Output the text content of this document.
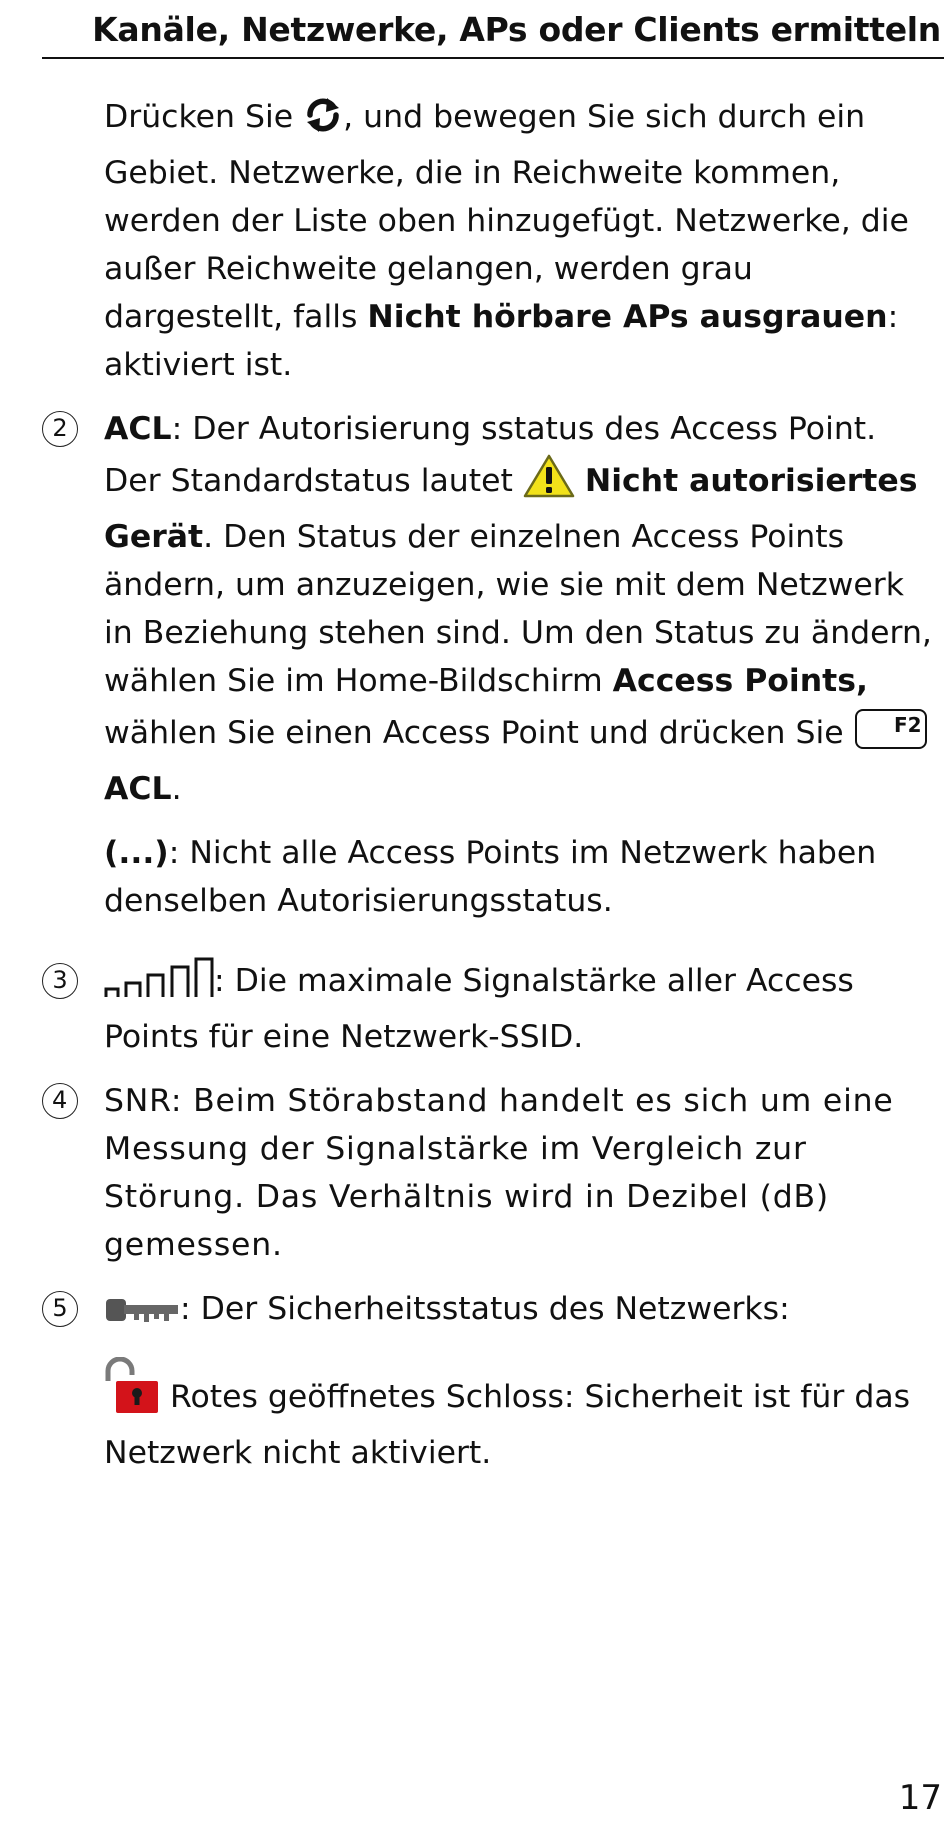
Kanäle, Netzwerke, APs oder Clients ermitteln

Drücken Sie , und bewegen Sie sich durch ein Gebiet. Netzwerke, die in Reichweite kommen, werden der Liste oben hinzugefügt. Netzwerke, die außer Reichweite gelangen, werden grau dargestellt, falls Nicht hörbare APs ausgrauen: aktiviert ist.

2	ACL: Der Autorisierung sstatus des Access Point. Der Standardstatus lautet  Nicht autorisiertes Gerät. Den Status der einzelnen Access Points ändern, um anzuzeigen, wie sie mit dem Netzwerk in Beziehung stehen sind. Um den Status zu ändern, wählen Sie im Home-Bildschirm Access Points, wählen Sie einen Access Point und drücken Sie F2
ACL.

(...): Nicht alle Access Points im Netzwerk haben denselben Autorisierungsstatus.

3	: Die maximale Signalstärke aller Access Points für eine Netzwerk-SSID.

4	SNR: Beim Störabstand handelt es sich um eine Messung der Signalstärke im Vergleich zur Störung. Das Verhältnis wird in Dezibel (dB) gemessen.

5	: Der Sicherheitsstatus des Netzwerks:

Rotes geöffnetes Schloss: Sicherheit ist für das Netzwerk nicht aktiviert.

17
